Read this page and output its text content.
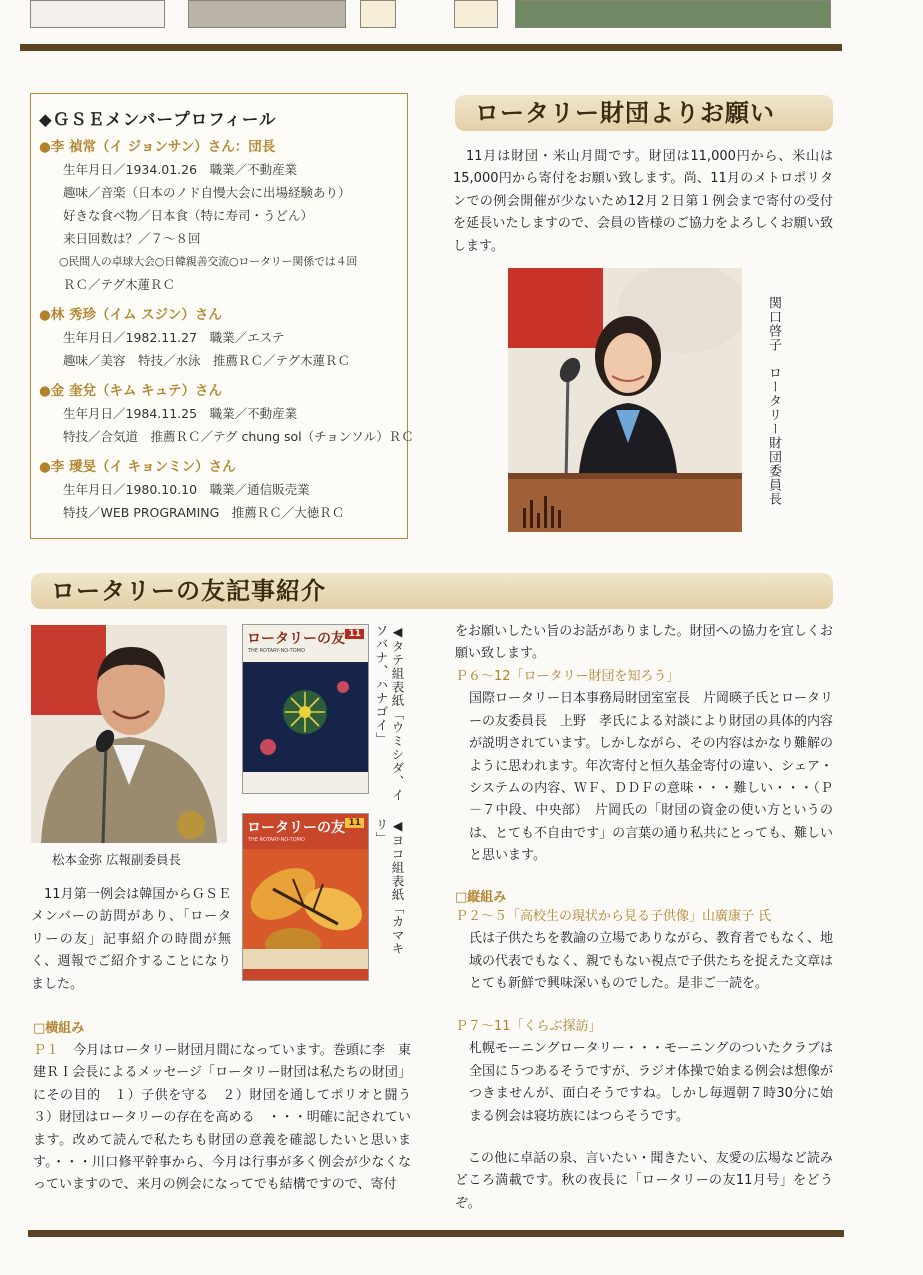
◆ＧＳＥメンバープロフィール
●李 禎常（イ ジョンサン）さん：団長
生年月日／1934.01.26　職業／不動産業
趣味／音楽（日本のノド自慢大会に出場経験あり）
好きな食べ物／日本食（特に寿司・うどん）
来日回数は？／７～８回
○民間人の卓球大会○日韓親善交流○ロータリー関係では４回
ＲＣ／テグ木蓮ＲＣ
●林 秀珍（イム スジン）さん
生年月日／1982.11.27　職業／エステ
趣味／美容　特技／水泳　推薦ＲＣ／テグ木蓮ＲＣ
●金 奎兌（キム キュテ）さん
生年月日／1984.11.25　職業／不動産業
特技／合気道　推薦ＲＣ／テグ chung sol（チョンソル）ＲＣ
●李 璦旻（イ キョンミン）さん
生年月日／1980.10.10　職業／通信販売業
特技／WEB PROGRAMING　推薦ＲＣ／大徳ＲＣ
ロータリー財団よりお願い
11月は財団・米山月間です。財団は11,000円から、米山は15,000円から寄付をお願い致します。尚、11月のメトロポリタンでの例会開催が少ないため12月２日第１例会まで寄付の受付を延長いたしますので、会員の皆様のご協力をよろしくお願い致します。
関口啓子　ロータリー財団委員長
ロータリーの友記事紹介
松本金弥 広報副委員長
ロータリーの友
THE ROTARY-NO-TOMO
11	◀タテ組表紙「ウミシダ、イソバナ、ハナゴイ」
ロータリーの友
THE ROTARY-NO-TOMO
11	◀ヨコ組表紙「カマキリ」
11月第一例会は韓国からＧＳＥメンバーの訪問があり、「ロータリーの友」記事紹介の時間が無く、週報でご紹介することになりました。
□横組み
Ｐ１ 今月はロータリー財団月間になっています。巻頭に李　東建ＲＩ会長によるメッセージ「ロータリー財団は私たちの財団」にその目的　１）子供を守る　２）財団を通してポリオと闘う　３）財団はロータリーの存在を高める　・・・明確に記されています。改めて読んで私たちも財団の意義を確認したいと思います。・・・川口修平幹事から、今月は行事が多く例会が少なくなっていますので、来月の例会になってでも結構ですので、寄付
をお願いしたい旨のお話がありました。財団への協力を宜しくお願い致します。
Ｐ６～12「ロータリー財団を知ろう」
国際ロータリー日本事務局財団室室長　片岡暎子氏とロータリーの友委員長　上野　孝氏による対談により財団の具体的内容が説明されています。しかしながら、その内容はかなり難解のように思われます。年次寄付と恒久基金寄付の違い、シェア・システムの内容、ＷＦ、ＤＤＦの意味・・・難しい・・・（Ｐ－７中段、中央部）　片岡氏の「財団の資金の使い方というのは、とても不自由です」の言葉の通り私共にとっても、難しいと思います。
□縦組み
Ｐ２～５「高校生の現状から見る子供像」山廣康子 氏
氏は子供たちを教諭の立場でありながら、教育者でもなく、地域の代表でもなく、親でもない視点で子供たちを捉えた文章はとても新鮮で興味深いものでした。是非ご一読を。
Ｐ７～11「くらぶ探訪」
札幌モーニングロータリー・・・モーニングのついたクラブは全国に５つあるそうですが、ラジオ体操で始まる例会は想像がつきませんが、面白そうですね。しかし毎週朝７時30分に始まる例会は寝坊族にはつらそうです。
この他に卓話の泉、言いたい・聞きたい、友愛の広場など読みどころ満載です。秋の夜長に「ロータリーの友11月号」をどうぞ。
